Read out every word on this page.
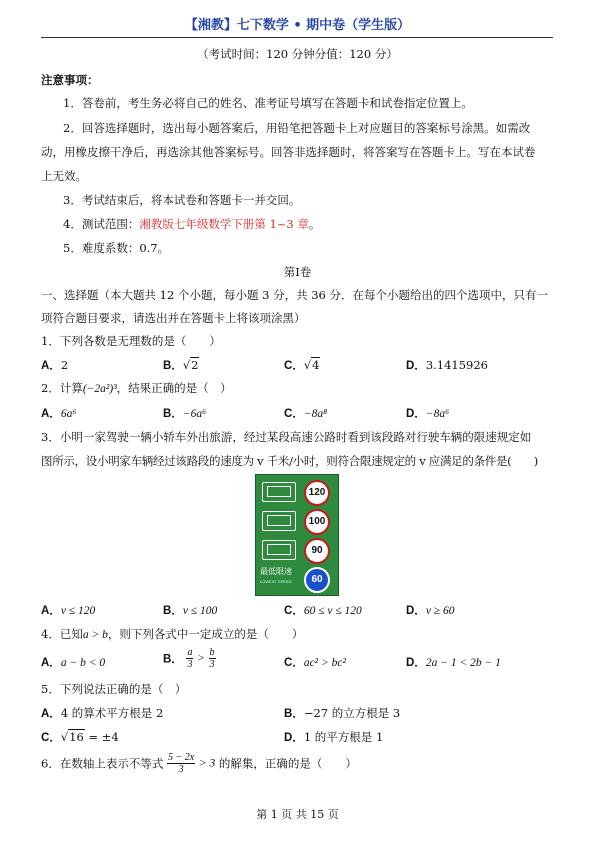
【湘教】七下数学 • 期中卷（学生版）
（考试时间：120 分钟分值：120 分）
注意事项：
1．答卷前，考生务必将自己的姓名、准考证号填写在答题卡和试卷指定位置上。
2．回答选择题时，选出每小题答案后，用铅笔把答题卡上对应题目的答案标号涂黑。如需改
动，用橡皮擦干净后，再选涂其他答案标号。回答非选择题时，将答案写在答题卡上。写在本试卷
上无效。
3．考试结束后，将本试卷和答题卡一并交回。
4．测试范围：湘教版七年级数学下册第 1~3 章。
5．难度系数：0.7。
第Ⅰ卷
一、选择题（本大题共 12 个小题，每小题 3 分，共 36 分．在每个小题给出的四个选项中，只有一
项符合题目要求，请选出并在答题卡上将该项涂黑）
1．下列各数是无理数的是（　　）
A．2	B．√2	C．√4	D．3.1415926
2．计算(−2a²)³，结果正确的是（　）
A．6a⁶	B．−6a⁶	C．−8a⁸	D．−8a⁶
3．小明一家驾驶一辆小轿车外出旅游，经过某段高速公路时看到该段路对行驶车辆的限速规定如
图所示，设小明家车辆经过该路段的速度为 v 千米/小时，则符合限速规定的 v 应满足的条件是(　　)
120
100
90
最低限速
LOWEST SPEED	60
A．v ≤ 120	B．v ≤ 100	C．60 ≤ v ≤ 120	D．v ≥ 60
4．已知a > b，则下列各式中一定成立的是（　　）
A．a − b < 0	B． $\frac{a}{3} > \frac{b}{3}$	C．ac² > bc²	D．2a − 1 < 2b − 1
5．下列说法正确的是（　）
A．4 的算术平方根是 2	B．−27 的立方根是 3
C．√16 = ±4	D．1 的平方根是 1
6．在数轴上表示不等式 $\frac{5 - 2x}{3} > 3$ 的解集，正确的是（　　）
第 1 页 共 15 页
